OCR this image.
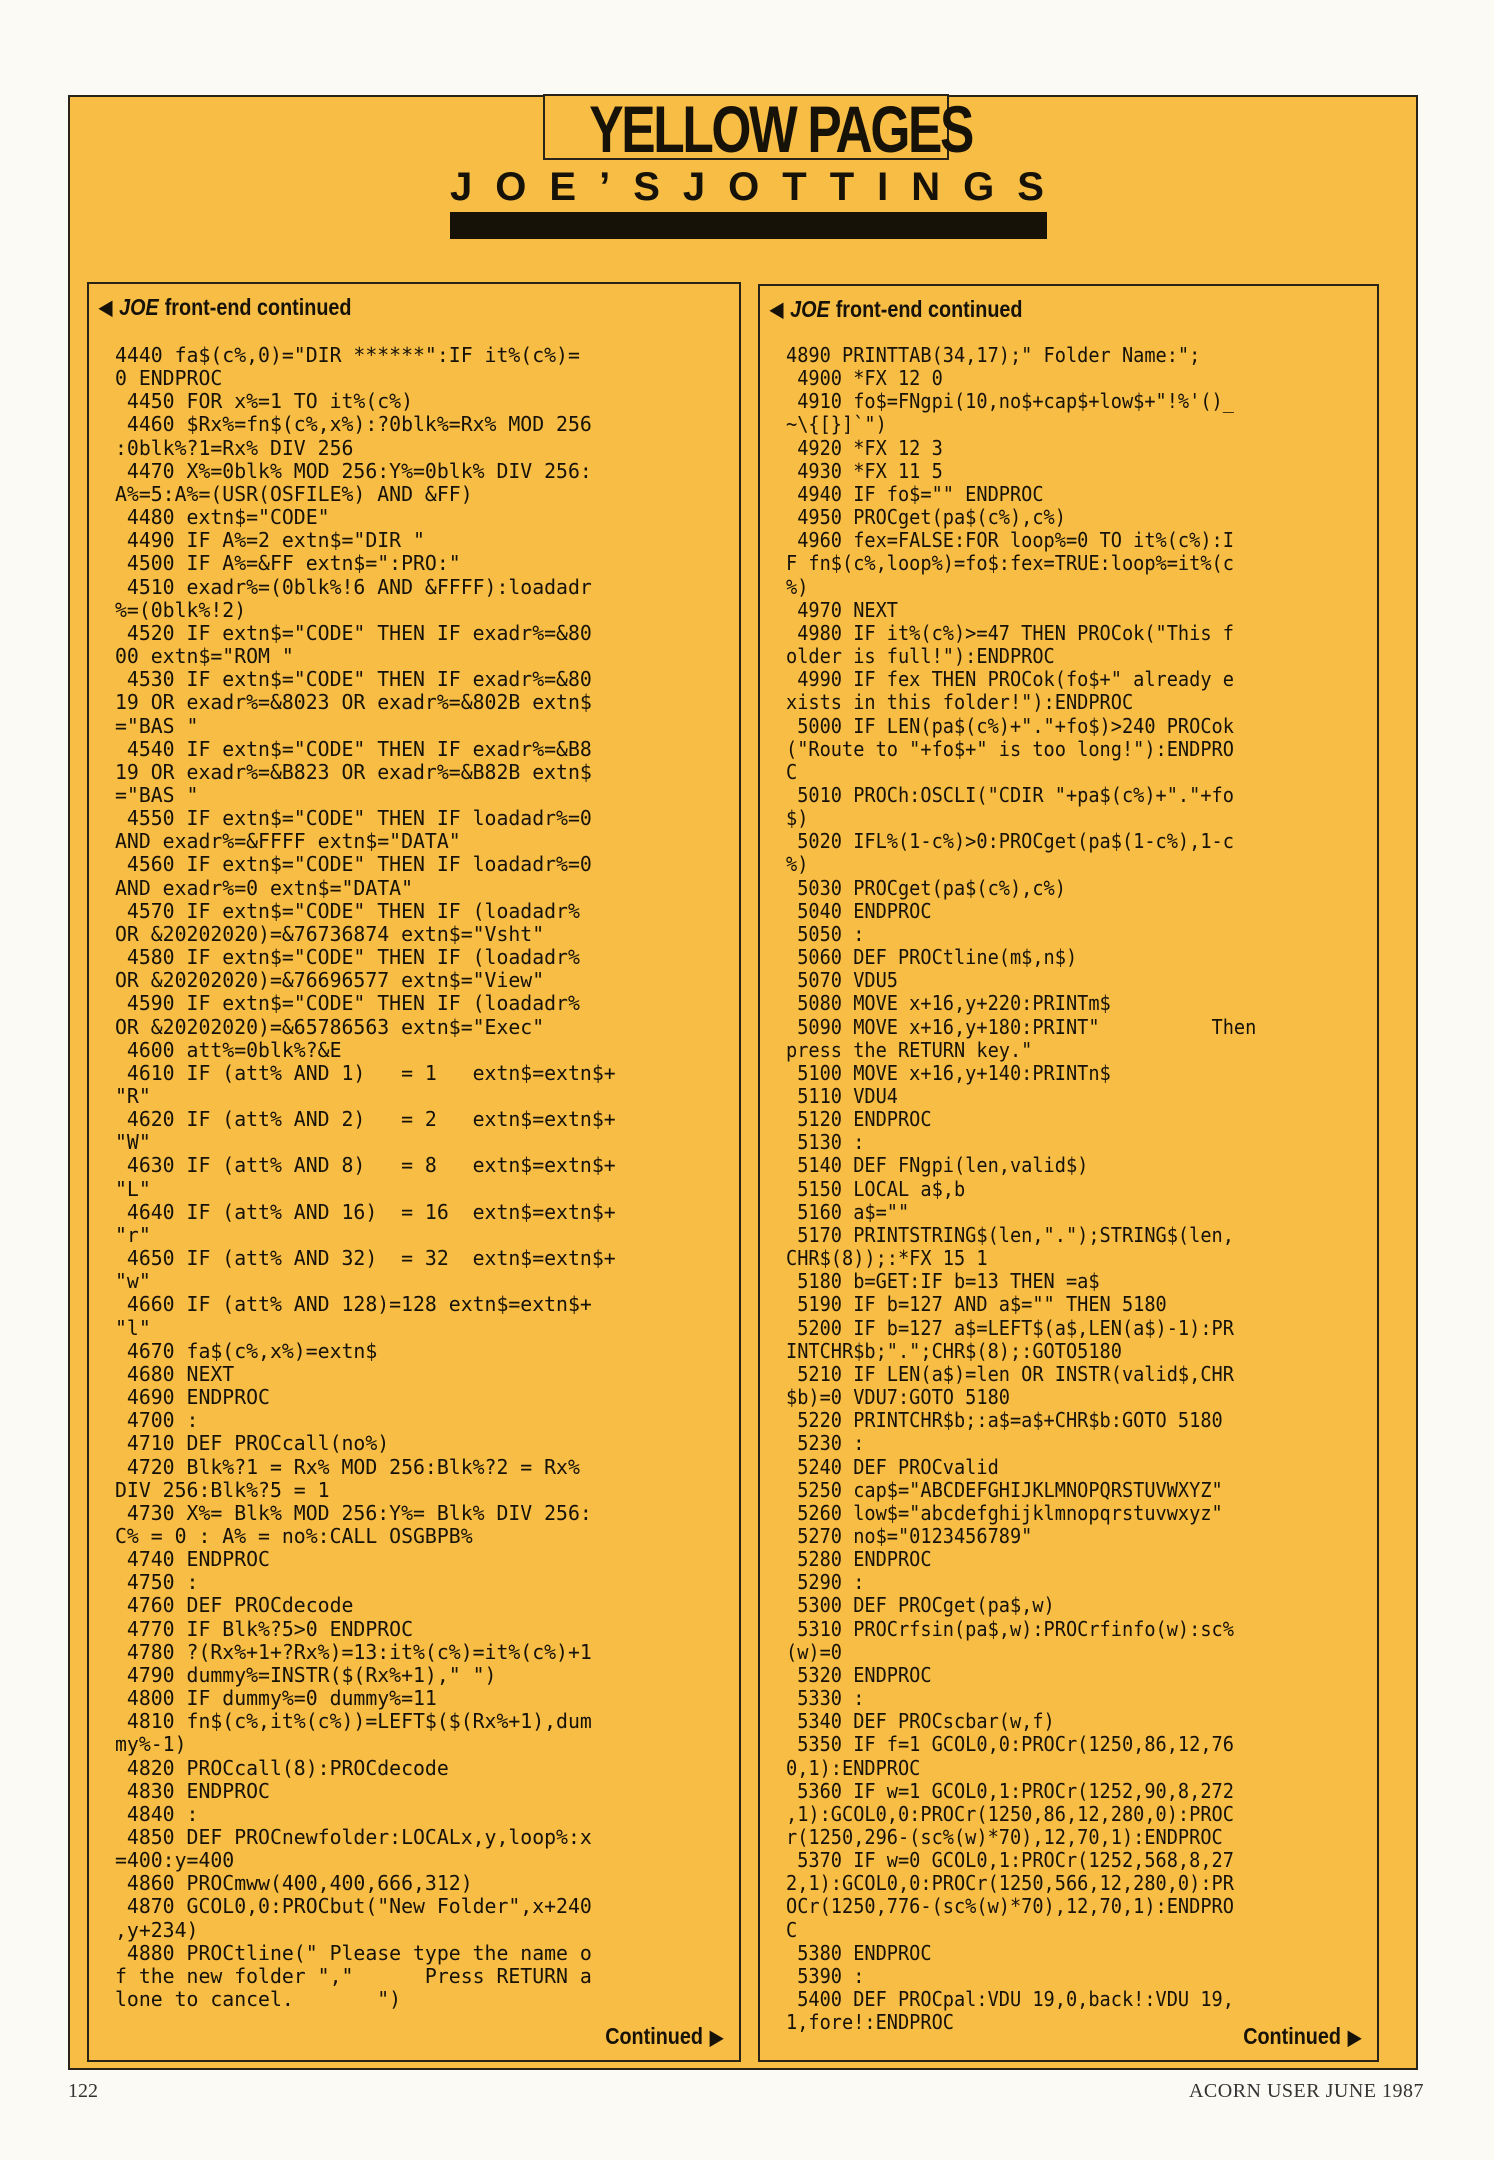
YELLOW PAGES
J O E ’ S J O T T I N G S
◀ JOE front-end continued
4440 fa$(c%,0)="DIR ******":IF it%(c%)=
0 ENDPROC
4450 FOR x%=1 TO it%(c%)
4460 $Rx%=fn$(c%,x%):?0blk%=Rx% MOD 256
:0blk%?1=Rx% DIV 256
4470 X%=0blk% MOD 256:Y%=0blk% DIV 256:
A%=5:A%=(USR(OSFILE%) AND &FF)
4480 extn$="CODE"
4490 IF A%=2 extn$="DIR "
4500 IF A%=&FF extn$=":PRO:"
4510 exadr%=(0blk%!6 AND &FFFF):loadadr
%=(0blk%!2)
4520 IF extn$="CODE" THEN IF exadr%=&80
00 extn$="ROM "
4530 IF extn$="CODE" THEN IF exadr%=&80
19 OR exadr%=&8023 OR exadr%=&802B extn$
="BAS "
4540 IF extn$="CODE" THEN IF exadr%=&B8
19 OR exadr%=&B823 OR exadr%=&B82B extn$
="BAS "
4550 IF extn$="CODE" THEN IF loadadr%=0
AND exadr%=&FFFF extn$="DATA"
4560 IF extn$="CODE" THEN IF loadadr%=0
AND exadr%=0 extn$="DATA"
4570 IF extn$="CODE" THEN IF (loadadr%
OR &20202020)=&76736874 extn$="Vsht"
4580 IF extn$="CODE" THEN IF (loadadr%
OR &20202020)=&76696577 extn$="View"
4590 IF extn$="CODE" THEN IF (loadadr%
OR &20202020)=&65786563 extn$="Exec"
4600 att%=0blk%?&E
4610 IF (att% AND 1)   = 1   extn$=extn$+
"R"
4620 IF (att% AND 2)   = 2   extn$=extn$+
"W"
4630 IF (att% AND 8)   = 8   extn$=extn$+
"L"
4640 IF (att% AND 16)  = 16  extn$=extn$+
"r"
4650 IF (att% AND 32)  = 32  extn$=extn$+
"w"
4660 IF (att% AND 128)=128 extn$=extn$+
"l"
4670 fa$(c%,x%)=extn$
4680 NEXT
4690 ENDPROC
4700 :
4710 DEF PROCcall(no%)
4720 Blk%?1 = Rx% MOD 256:Blk%?2 = Rx%
DIV 256:Blk%?5 = 1
4730 X%= Blk% MOD 256:Y%= Blk% DIV 256:
C% = 0 : A% = no%:CALL OSGBPB%
4740 ENDPROC
4750 :
4760 DEF PROCdecode
4770 IF Blk%?5>0 ENDPROC
4780 ?(Rx%+1+?Rx%)=13:it%(c%)=it%(c%)+1
4790 dummy%=INSTR($(Rx%+1)," ")
4800 IF dummy%=0 dummy%=11
4810 fn$(c%,it%(c%))=LEFT$($(Rx%+1),dum
my%-1)
4820 PROCcall(8):PROCdecode
4830 ENDPROC
4840 :
4850 DEF PROCnewfolder:LOCALx,y,loop%:x
=400:y=400
4860 PROCmww(400,400,666,312)
4870 GCOL0,0:PROCbut("New Folder",x+240
,y+234)
4880 PROCtline(" Please type the name o
f the new folder ","      Press RETURN a
lone to cancel.       ")
Continued ▶
◀ JOE front-end continued
4890 PRINTTAB(34,17);" Folder Name:";
4900 *FX 12 0
4910 fo$=FNgpi(10,no$+cap$+low$+"!%'()_
~\{[}]`")
4920 *FX 12 3
4930 *FX 11 5
4940 IF fo$="" ENDPROC
4950 PROCget(pa$(c%),c%)
4960 fex=FALSE:FOR loop%=0 TO it%(c%):I
F fn$(c%,loop%)=fo$:fex=TRUE:loop%=it%(c
%)
4970 NEXT
4980 IF it%(c%)>=47 THEN PROCok("This f
older is full!"):ENDPROC
4990 IF fex THEN PROCok(fo$+" already e
xists in this folder!"):ENDPROC
5000 IF LEN(pa$(c%)+"."+fo$)>240 PROCok
("Route to "+fo$+" is too long!"):ENDPRO
C
5010 PROCh:OSCLI("CDIR "+pa$(c%)+"."+fo
$)
5020 IFL%(1-c%)>0:PROCget(pa$(1-c%),1-c
%)
5030 PROCget(pa$(c%),c%)
5040 ENDPROC
5050 :
5060 DEF PROCtline(m$,n$)
5070 VDU5
5080 MOVE x+16,y+220:PRINTm$
5090 MOVE x+16,y+180:PRINT"          Then
press the RETURN key."
5100 MOVE x+16,y+140:PRINTn$
5110 VDU4
5120 ENDPROC
5130 :
5140 DEF FNgpi(len,valid$)
5150 LOCAL a$,b
5160 a$=""
5170 PRINTSTRING$(len,".");STRING$(len,
CHR$(8));:*FX 15 1
5180 b=GET:IF b=13 THEN =a$
5190 IF b=127 AND a$="" THEN 5180
5200 IF b=127 a$=LEFT$(a$,LEN(a$)-1):PR
INTCHR$b;".";CHR$(8);:GOTO5180
5210 IF LEN(a$)=len OR INSTR(valid$,CHR
$b)=0 VDU7:GOTO 5180
5220 PRINTCHR$b;:a$=a$+CHR$b:GOTO 5180
5230 :
5240 DEF PROCvalid
5250 cap$="ABCDEFGHIJKLMNOPQRSTUVWXYZ"
5260 low$="abcdefghijklmnopqrstuvwxyz"
5270 no$="0123456789"
5280 ENDPROC
5290 :
5300 DEF PROCget(pa$,w)
5310 PROCrfsin(pa$,w):PROCrfinfo(w):sc%
(w)=0
5320 ENDPROC
5330 :
5340 DEF PROCscbar(w,f)
5350 IF f=1 GCOL0,0:PROCr(1250,86,12,76
0,1):ENDPROC
5360 IF w=1 GCOL0,1:PROCr(1252,90,8,272
,1):GCOL0,0:PROCr(1250,86,12,280,0):PROC
r(1250,296-(sc%(w)*70),12,70,1):ENDPROC
5370 IF w=0 GCOL0,1:PROCr(1252,568,8,27
2,1):GCOL0,0:PROCr(1250,566,12,280,0):PR
OCr(1250,776-(sc%(w)*70),12,70,1):ENDPRO
C
5380 ENDPROC
5390 :
5400 DEF PROCpal:VDU 19,0,back!:VDU 19,
1,fore!:ENDPROC
Continued ▶
122	ACORN USER JUNE 1987
